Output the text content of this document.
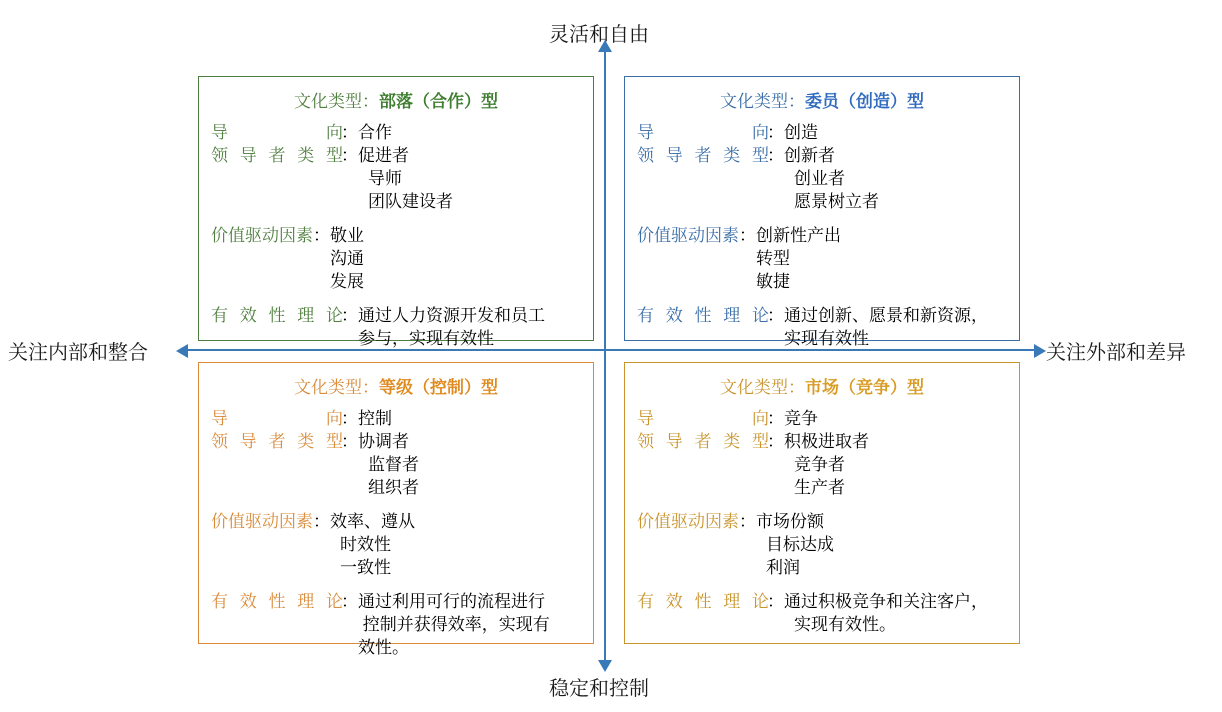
灵活和自由
稳定和控制
关注内部和整合	关注外部和差异
文化类型：部落（合作）型
导向
： 合作
领导者类型
： 促进者
导师
团队建设者
价值驱动因素 ： 敬业
沟通
发展
有效性理论
： 通过人力资源开发和员工
参与，实现有效性
文化类型：委员（创造）型
导向
： 创造
领导者类型
： 创新者
创业者
愿景树立者
价值驱动因素 ： 创新性产出
转型
敏捷
有效性理论
： 通过创新、愿景和新资源，
实现有效性
文化类型：等级（控制）型
导向
： 控制
领导者类型
： 协调者
监督者
组织者
价值驱动因素 ： 效率、遵从
时效性
一致性
有效性理论
： 通过利用可行的流程进行
控制并获得效率，实现有
效性。
文化类型：市场（竞争）型
导向
： 竞争
领导者类型
： 积极进取者
竞争者
生产者
价值驱动因素 ： 市场份额
目标达成
利润
有效性理论
： 通过积极竞争和关注客户，
实现有效性。
